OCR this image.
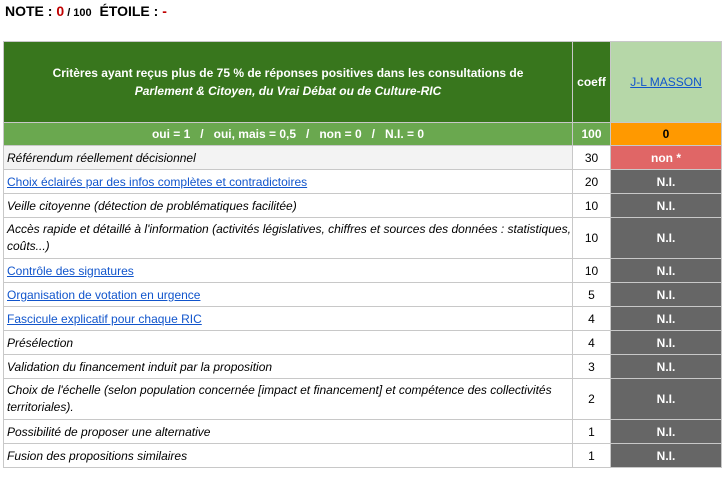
NOTE : 0 / 100 ÉTOILE : -
Critères ayant reçus plus de 75 % de réponses positives dans les consultations de
Parlement & Citoyen, du Vrai Débat ou de Culture-RIC	coeff	J-L MASSON
oui = 1   /   oui, mais = 0,5   /   non = 0   /   N.I. = 0	100	0
Référendum réellement décisionnel	30	non *
Choix éclairés par des infos complètes et contradictoires	20	N.I.
Veille citoyenne (détection de problématiques facilitée)	10	N.I.
Accès rapide et détaillé à l'information (activités législatives, chiffres et sources des données : statistiques, coûts...)	10	N.I.
Contrôle des signatures	10	N.I.
Organisation de votation en urgence	5	N.I.
Fascicule explicatif pour chaque RIC	4	N.I.
Présélection	4	N.I.
Validation du financement induit par la proposition	3	N.I.
Choix de l'échelle (selon population concernée [impact et financement] et compétence des collectivités territoriales).	2	N.I.
Possibilité de proposer une alternative	1	N.I.
Fusion des propositions similaires	1	N.I.
